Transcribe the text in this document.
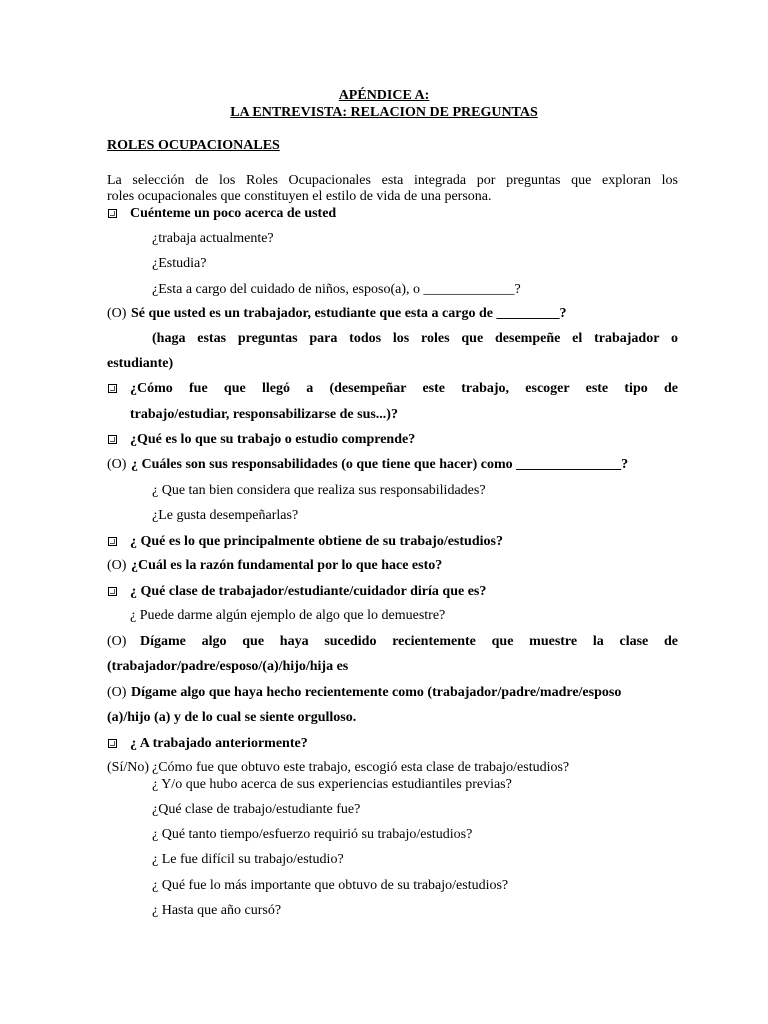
APÉNDICE A:
LA ENTREVISTA: RELACION DE PREGUNTAS
ROLES OCUPACIONALES
La selección de los Roles Ocupacionales esta integrada por preguntas que exploran los
roles ocupacionales que constituyen el estilo de vida de una persona.
Cuénteme un poco acerca de usted
¿trabaja actualmente?
¿Estudia?
¿Esta a cargo del cuidado de niños, esposo(a), o _____________?
(O) Sé que usted es un trabajador, estudiante que esta a cargo de _________?
(haga estas preguntas para todos los roles que desempeñe el trabajador o
estudiante)
¿Cómo fue que llegó a (desempeñar este trabajo, escoger este tipo de
trabajo/estudiar, responsabilizarse de sus...)?
¿Qué es lo que su trabajo o estudio comprende?
(O) ¿ Cuáles son sus responsabilidades (o que tiene que hacer) como _______________?
¿ Que tan bien considera que realiza sus responsabilidades?
¿Le gusta desempeñarlas?
¿ Qué es lo que principalmente obtiene de su trabajo/estudios?
(O) ¿Cuál es la razón fundamental por lo que hace esto?
¿ Qué clase de trabajador/estudiante/cuidador diría que es?
¿ Puede darme algún ejemplo de algo que lo demuestre?
(O) Dígame algo que haya sucedido recientemente que muestre la clase de
(trabajador/padre/esposo/(a)/hijo/hija es
(O) Dígame algo que haya hecho recientemente como (trabajador/padre/madre/esposo
(a)/hijo (a) y de lo cual se siente orgulloso.
¿ A trabajado anteriormente?
(Sí/No) ¿Cómo fue que obtuvo este trabajo, escogió esta clase de trabajo/estudios?
¿ Y/o que hubo acerca de sus experiencias estudiantiles previas?
¿Qué clase de trabajo/estudiante fue?
¿ Qué tanto tiempo/esfuerzo requirió su trabajo/estudios?
¿ Le fue difícil su trabajo/estudio?
¿ Qué fue lo más importante que obtuvo de su trabajo/estudios?
¿ Hasta que año cursó?
